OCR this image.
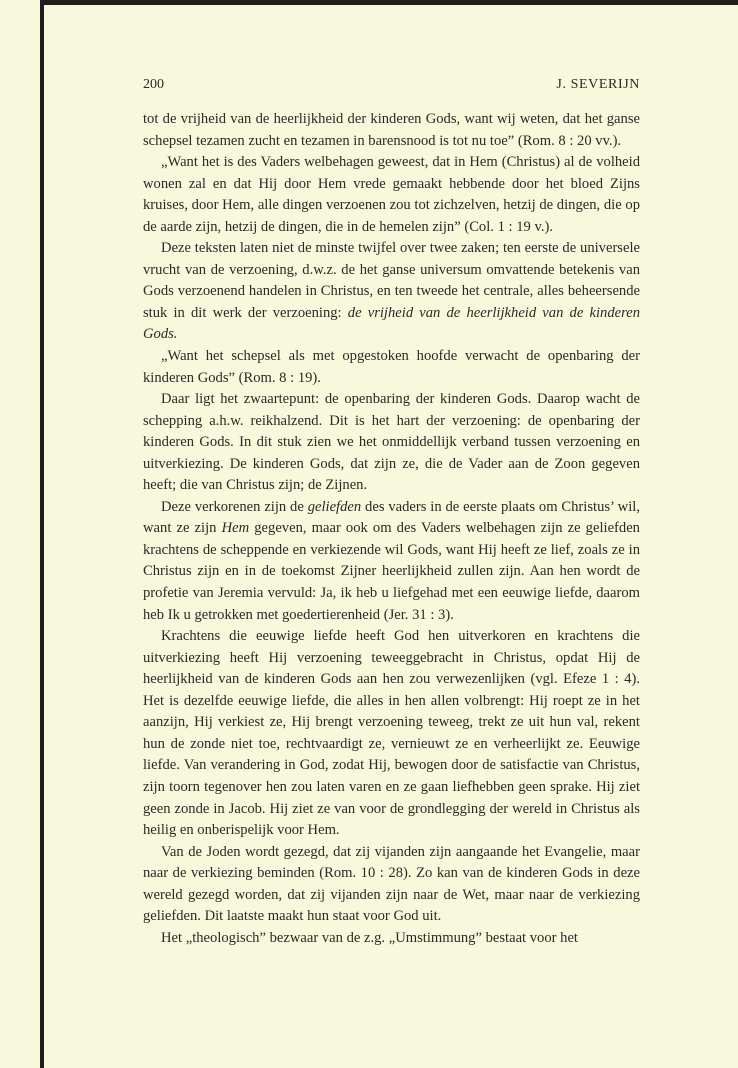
200	J. SEVERIJN

tot de vrijheid van de heerlijkheid der kinderen Gods, want wij weten, dat het ganse schepsel tezamen zucht en tezamen in barensnood is tot nu toe” (Rom. 8 : 20 vv.).

„Want het is des Vaders welbehagen geweest, dat in Hem (Christus) al de volheid wonen zal en dat Hij door Hem vrede gemaakt hebbende door het bloed Zijns kruises, door Hem, alle dingen verzoenen zou tot zichzelven, hetzij de dingen, die op de aarde zijn, hetzij de dingen, die in de hemelen zijn” (Col. 1 : 19 v.).

Deze teksten laten niet de minste twijfel over twee zaken; ten eerste de universele vrucht van de verzoening, d.w.z. de het ganse universum omvattende betekenis van Gods verzoenend handelen in Christus, en ten tweede het centrale, alles beheersende stuk in dit werk der verzoening: de vrijheid van de heerlijkheid van de kinderen Gods.

„Want het schepsel als met opgestoken hoofde verwacht de openbaring der kinderen Gods” (Rom. 8 : 19).

Daar ligt het zwaartepunt: de openbaring der kinderen Gods. Daarop wacht de schepping a.h.w. reikhalzend. Dit is het hart der verzoening: de openbaring der kinderen Gods. In dit stuk zien we het onmiddellijk verband tussen verzoening en uitverkiezing. De kinderen Gods, dat zijn ze, die de Vader aan de Zoon gegeven heeft; die van Christus zijn; de Zijnen.

Deze verkorenen zijn de geliefden des vaders in de eerste plaats om Christus’ wil, want ze zijn Hem gegeven, maar ook om des Vaders welbehagen zijn ze geliefden krachtens de scheppende en verkiezende wil Gods, want Hij heeft ze lief, zoals ze in Christus zijn en in de toekomst Zijner heerlijkheid zullen zijn. Aan hen wordt de profetie van Jeremia vervuld: Ja, ik heb u liefgehad met een eeuwige liefde, daarom heb Ik u getrokken met goedertierenheid (Jer. 31 : 3).

Krachtens die eeuwige liefde heeft God hen uitverkoren en krachtens die uitverkiezing heeft Hij verzoening teweeggebracht in Christus, opdat Hij de heerlijkheid van de kinderen Gods aan hen zou verwezenlijken (vgl. Efeze 1 : 4). Het is dezelfde eeuwige liefde, die alles in hen allen volbrengt: Hij roept ze in het aanzijn, Hij verkiest ze, Hij brengt verzoening teweeg, trekt ze uit hun val, rekent hun de zonde niet toe, rechtvaardigt ze, vernieuwt ze en verheerlijkt ze. Eeuwige liefde. Van verandering in God, zodat Hij, bewogen door de satisfactie van Christus, zijn toorn tegenover hen zou laten varen en ze gaan liefhebben geen sprake. Hij ziet geen zonde in Jacob. Hij ziet ze van voor de grondlegging der wereld in Christus als heilig en onberispelijk voor Hem.

Van de Joden wordt gezegd, dat zij vijanden zijn aangaande het Evangelie, maar naar de verkiezing beminden (Rom. 10 : 28). Zo kan van de kinderen Gods in deze wereld gezegd worden, dat zij vijanden zijn naar de Wet, maar naar de verkiezing geliefden. Dit laatste maakt hun staat voor God uit.

Het „theologisch” bezwaar van de z.g. „Umstimmung” bestaat voor het
